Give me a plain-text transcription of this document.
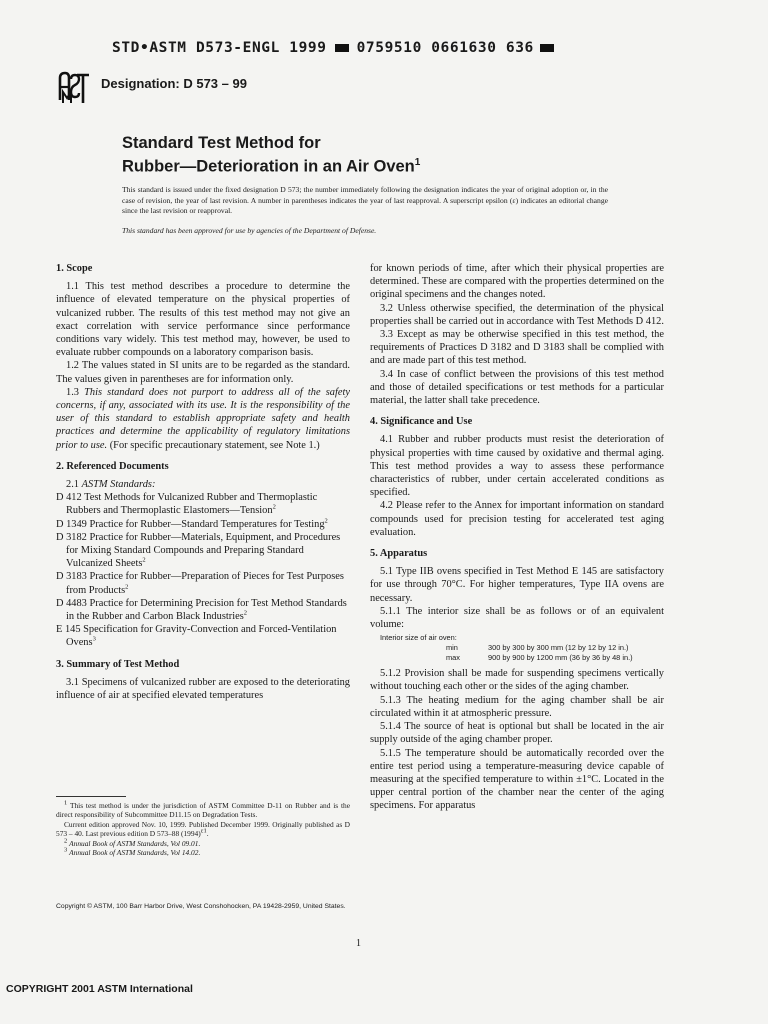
STD•ASTM D573-ENGL 1999 0759510 0661630 636
Designation: D 573 – 99
Standard Test Method for
Rubber—Deterioration in an Air Oven$^1$
This standard is issued under the fixed designation D 573; the number immediately following the designation indicates the year of original adoption or, in the case of revision, the year of last revision. A number in parentheses indicates the year of last reapproval. A superscript epsilon (ε) indicates an editorial change since the last revision or reapproval.
This standard has been approved for use by agencies of the Department of Defense.
1. Scope

1.1 This test method describes a procedure to determine the influence of elevated temperature on the physical properties of vulcanized rubber. The results of this test method may not give an exact correlation with service performance since performance conditions vary widely. This test method may, however, be used to evaluate rubber compounds on a laboratory comparison basis.

1.2 The values stated in SI units are to be regarded as the standard. The values given in parentheses are for information only.

1.3 This standard does not purport to address all of the safety concerns, if any, associated with its use. It is the responsibility of the user of this standard to establish appropriate safety and health practices and determine the applicability of regulatory limitations prior to use. (For specific precautionary statement, see Note 1.)

2. Referenced Documents

2.1 ASTM Standards:

D 412 Test Methods for Vulcanized Rubber and Thermoplastic Rubbers and Thermoplastic Elastomers—Tension$^2$

D 1349 Practice for Rubber—Standard Temperatures for Testing$^2$

D 3182 Practice for Rubber—Materials, Equipment, and Procedures for Mixing Standard Compounds and Preparing Standard Vulcanized Sheets$^2$

D 3183 Practice for Rubber—Preparation of Pieces for Test Purposes from Products$^2$

D 4483 Practice for Determining Precision for Test Method Standards in the Rubber and Carbon Black Industries$^2$

E 145 Specification for Gravity-Convection and Forced-Ventilation Ovens$^3$

3. Summary of Test Method

3.1 Specimens of vulcanized rubber are exposed to the deteriorating influence of air at specified elevated temperatures

for known periods of time, after which their physical properties are determined. These are compared with the properties determined on the original specimens and the changes noted.

3.2 Unless otherwise specified, the determination of the physical properties shall be carried out in accordance with Test Methods D 412.

3.3 Except as may be otherwise specified in this test method, the requirements of Practices D 3182 and D 3183 shall be complied with and are made part of this test method.

3.4 In case of conflict between the provisions of this test method and those of detailed specifications or test methods for a particular material, the latter shall take precedence.

4. Significance and Use

4.1 Rubber and rubber products must resist the deterioration of physical properties with time caused by oxidative and thermal aging. This test method provides a way to assess these performance characteristics of rubber, under certain accelerated conditions as specified.

4.2 Please refer to the Annex for important information on standard compounds used for precision testing for accelerated test aging evaluation.

5. Apparatus

5.1 Type IIB ovens specified in Test Method E 145 are satisfactory for use through 70°C. For higher temperatures, Type IIA ovens are necessary.

5.1.1 The interior size shall be as follows or of an equivalent volume:

Interior size of air oven:
min	300 by 300 by 300 mm (12 by 12 by 12 in.)
max	900 by 900 by 1200 mm (36 by 36 by 48 in.)

5.1.2 Provision shall be made for suspending specimens vertically without touching each other or the sides of the aging chamber.

5.1.3 The heating medium for the aging chamber shall be air circulated within it at atmospheric pressure.

5.1.4 The source of heat is optional but shall be located in the air supply outside of the aging chamber proper.

5.1.5 The temperature should be automatically recorded over the entire test period using a temperature-measuring device capable of measuring at the specified temperature to within ±1°C. Located in the upper central portion of the chamber near the center of the aging specimens. For apparatus

$^1$ This test method is under the jurisdiction of ASTM Committee D-11 on Rubber and is the direct responsibility of Subcommittee D11.15 on Degradation Tests.

Current edition approved Nov. 10, 1999. Published December 1999. Originally published as D 573 – 40. Last previous edition D 573–88 $(1994)^{\varepsilon 1}$.

$^2$ Annual Book of ASTM Standards, Vol 09.01.

$^3$ Annual Book of ASTM Standards, Vol 14.02.

Copyright © ASTM, 100 Barr Harbor Drive, West Conshohocken, PA 19428-2959, United States.
1
COPYRIGHT 2001 ASTM International
